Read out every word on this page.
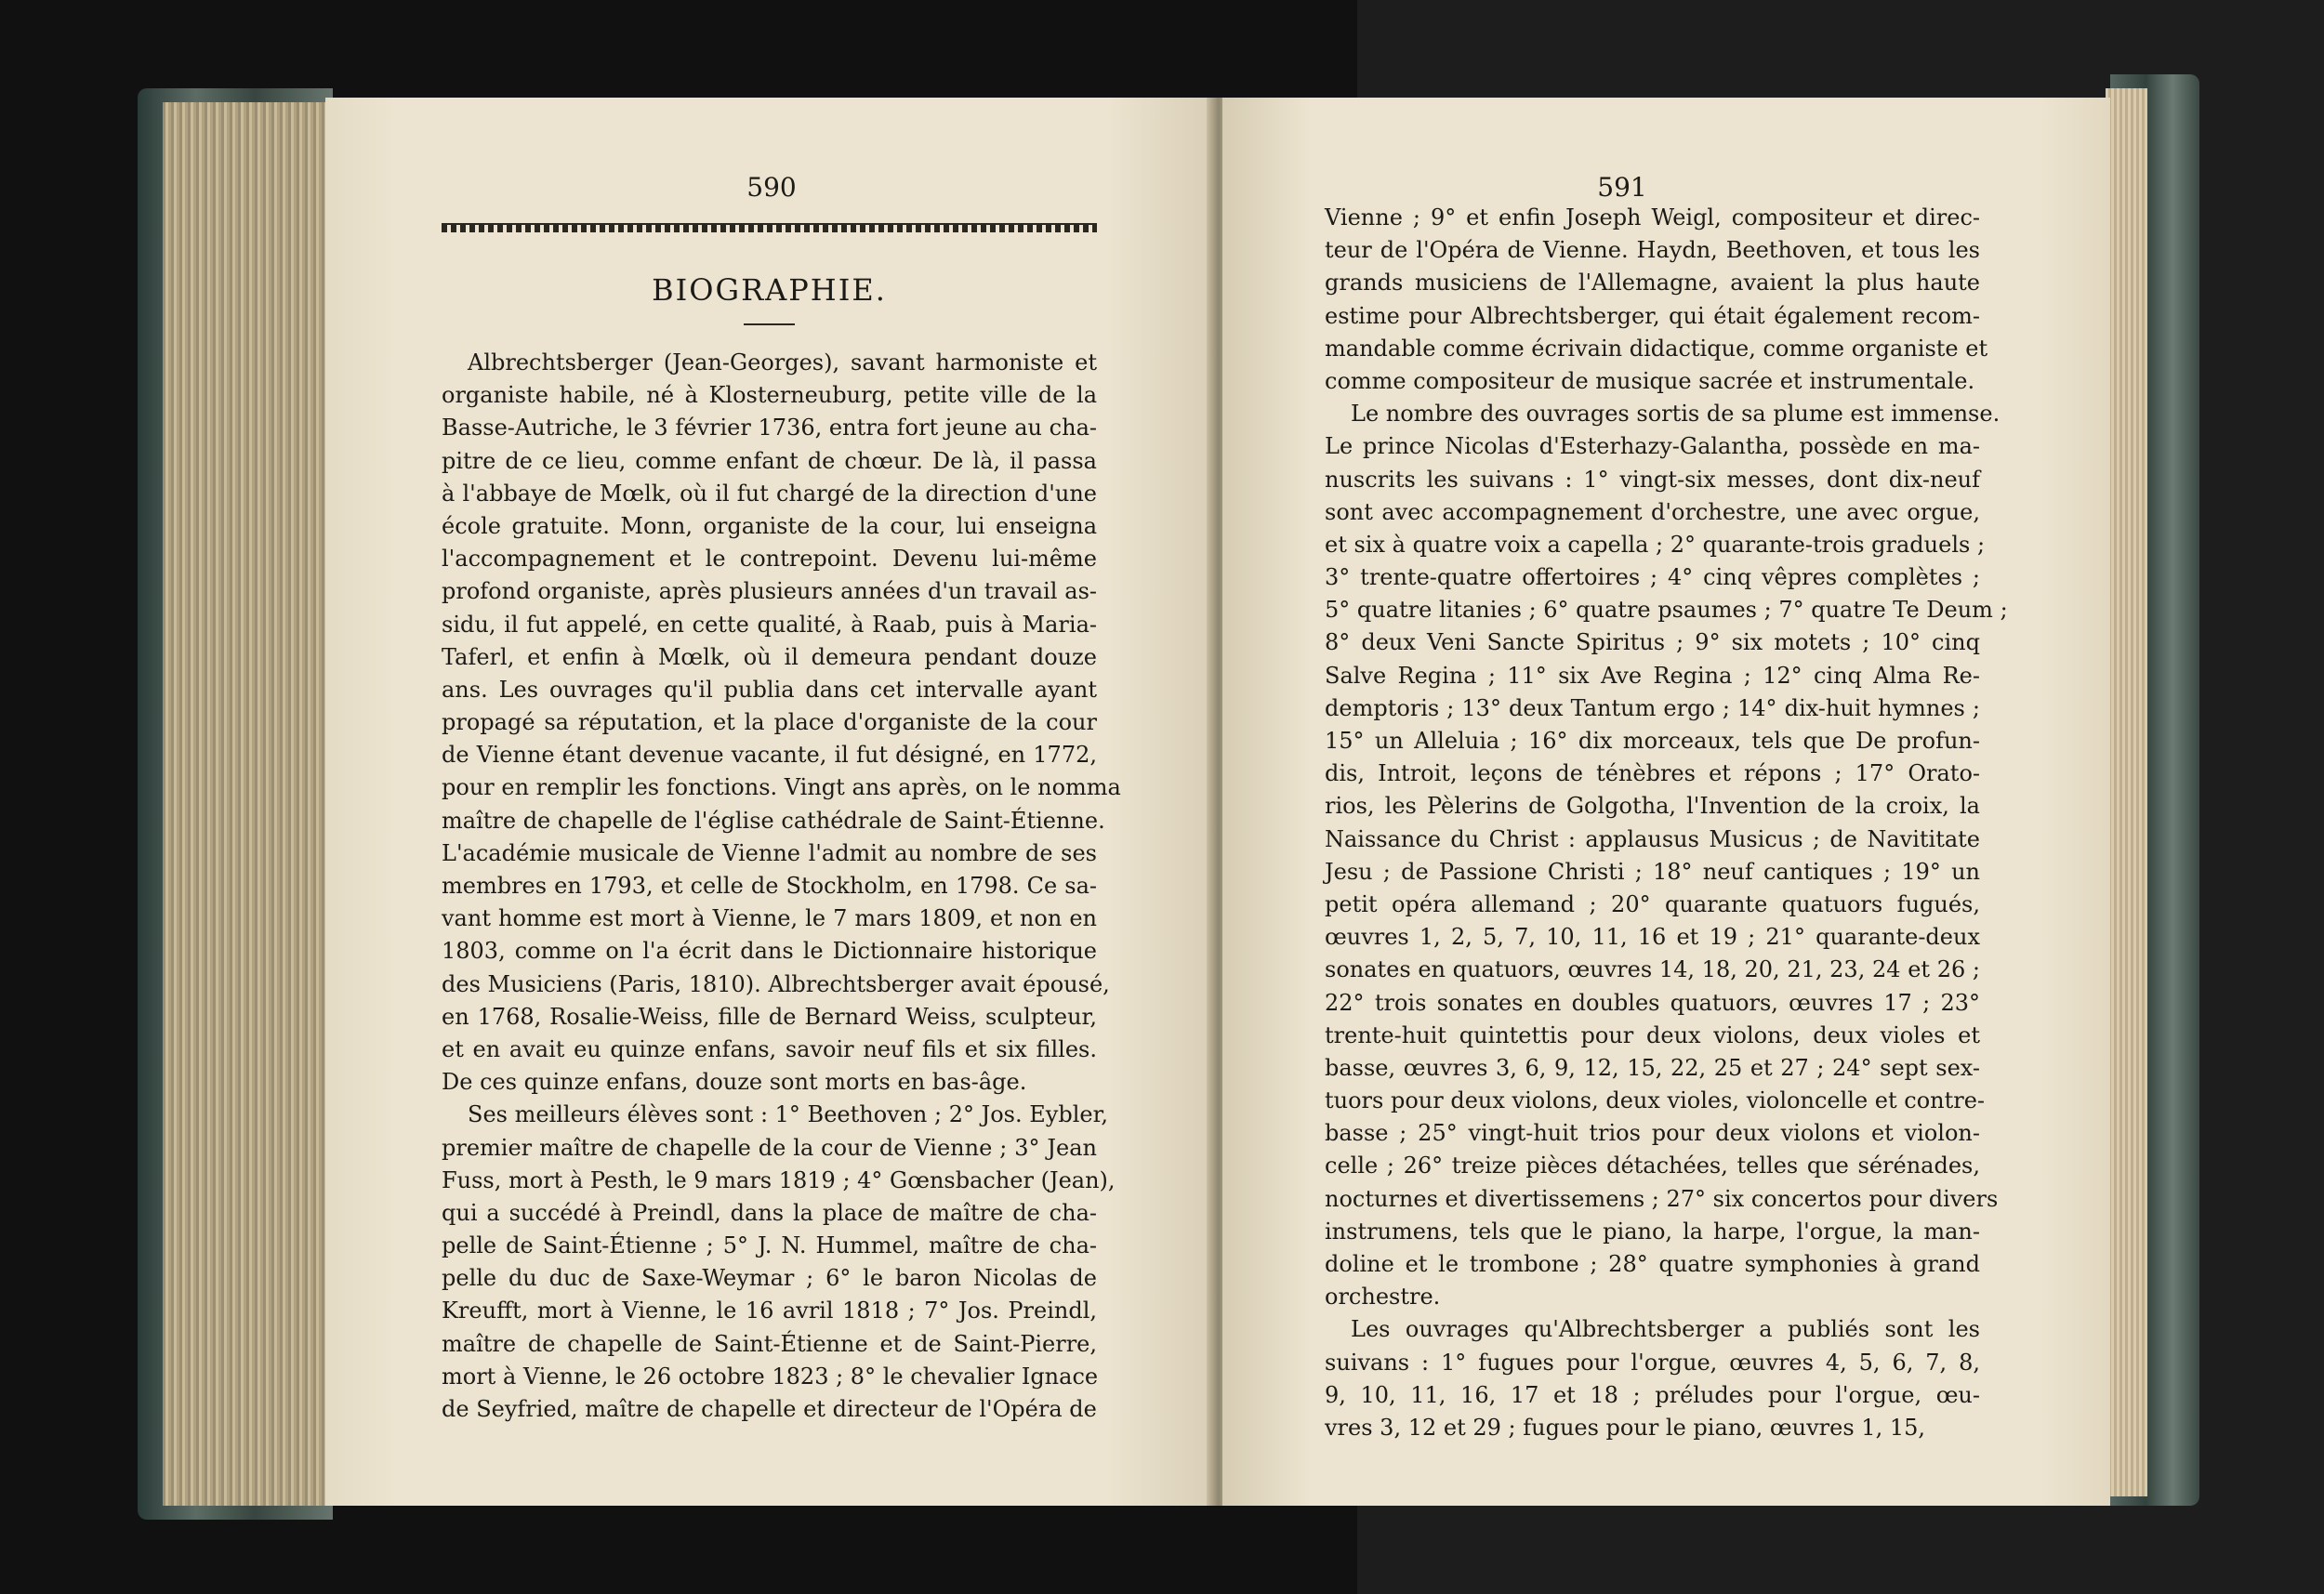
590
BIOGRAPHIE.
Albrechtsberger (Jean-Georges), savant harmoniste et
organiste habile, né à Klosterneuburg, petite ville de la
Basse-Autriche, le 3 février 1736, entra fort jeune au cha-
pitre de ce lieu, comme enfant de chœur. De là, il passa
à l'abbaye de Mœlk, où il fut chargé de la direction d'une
école gratuite. Monn, organiste de la cour, lui enseigna
l'accompagnement et le contrepoint. Devenu lui-même
profond organiste, après plusieurs années d'un travail as-
sidu, il fut appelé, en cette qualité, à Raab, puis à Maria-
Taferl, et enfin à Mœlk, où il demeura pendant douze
ans. Les ouvrages qu'il publia dans cet intervalle ayant
propagé sa réputation, et la place d'organiste de la cour
de Vienne étant devenue vacante, il fut désigné, en 1772,
pour en remplir les fonctions. Vingt ans après, on le nomma
maître de chapelle de l'église cathédrale de Saint-Étienne.
L'académie musicale de Vienne l'admit au nombre de ses
membres en 1793, et celle de Stockholm, en 1798. Ce sa-
vant homme est mort à Vienne, le 7 mars 1809, et non en
1803, comme on l'a écrit dans le Dictionnaire historique
des Musiciens (Paris, 1810). Albrechtsberger avait épousé,
en 1768, Rosalie-Weiss, fille de Bernard Weiss, sculpteur,
et en avait eu quinze enfans, savoir neuf fils et six filles.
De ces quinze enfans, douze sont morts en bas-âge.
Ses meilleurs élèves sont : 1° Beethoven ; 2° Jos. Eybler,
premier maître de chapelle de la cour de Vienne ; 3° Jean
Fuss, mort à Pesth, le 9 mars 1819 ; 4° Gœnsbacher (Jean),
qui a succédé à Preindl, dans la place de maître de cha-
pelle de Saint-Étienne ; 5° J. N. Hummel, maître de cha-
pelle du duc de Saxe-Weymar ; 6° le baron Nicolas de
Kreufft, mort à Vienne, le 16 avril 1818 ; 7° Jos. Preindl,
maître de chapelle de Saint-Étienne et de Saint-Pierre,
mort à Vienne, le 26 octobre 1823 ; 8° le chevalier Ignace
de Seyfried, maître de chapelle et directeur de l'Opéra de
591
Vienne ; 9° et enfin Joseph Weigl, compositeur et direc-
teur de l'Opéra de Vienne. Haydn, Beethoven, et tous les
grands musiciens de l'Allemagne, avaient la plus haute
estime pour Albrechtsberger, qui était également recom-
mandable comme écrivain didactique, comme organiste et
comme compositeur de musique sacrée et instrumentale.
Le nombre des ouvrages sortis de sa plume est immense.
Le prince Nicolas d'Esterhazy-Galantha, possède en ma-
nuscrits les suivans : 1° vingt-six messes, dont dix-neuf
sont avec accompagnement d'orchestre, une avec orgue,
et six à quatre voix a capella ; 2° quarante-trois graduels ;
3° trente-quatre offertoires ; 4° cinq vêpres complètes ;
5° quatre litanies ; 6° quatre psaumes ; 7° quatre Te Deum ;
8° deux Veni Sancte Spiritus ; 9° six motets ; 10° cinq
Salve Regina ; 11° six Ave Regina ; 12° cinq Alma Re-
demptoris ; 13° deux Tantum ergo ; 14° dix-huit hymnes ;
15° un Alleluia ; 16° dix morceaux, tels que De profun-
dis, Introit, leçons de ténèbres et répons ; 17° Orato-
rios, les Pèlerins de Golgotha, l'Invention de la croix, la
Naissance du Christ : applausus Musicus ; de Navititate
Jesu ; de Passione Christi ; 18° neuf cantiques ; 19° un
petit opéra allemand ; 20° quarante quatuors fugués,
œuvres 1, 2, 5, 7, 10, 11, 16 et 19 ; 21° quarante-deux
sonates en quatuors, œuvres 14, 18, 20, 21, 23, 24 et 26 ;
22° trois sonates en doubles quatuors, œuvres 17 ; 23°
trente-huit quintettis pour deux violons, deux violes et
basse, œuvres 3, 6, 9, 12, 15, 22, 25 et 27 ; 24° sept sex-
tuors pour deux violons, deux violes, violoncelle et contre-
basse ; 25° vingt-huit trios pour deux violons et violon-
celle ; 26° treize pièces détachées, telles que sérénades,
nocturnes et divertissemens ; 27° six concertos pour divers
instrumens, tels que le piano, la harpe, l'orgue, la man-
doline et le trombone ; 28° quatre symphonies à grand
orchestre.
Les ouvrages qu'Albrechtsberger a publiés sont les
suivans : 1° fugues pour l'orgue, œuvres 4, 5, 6, 7, 8,
9, 10, 11, 16, 17 et 18 ; préludes pour l'orgue, œu-
vres 3, 12 et 29 ; fugues pour le piano, œuvres 1, 15,
